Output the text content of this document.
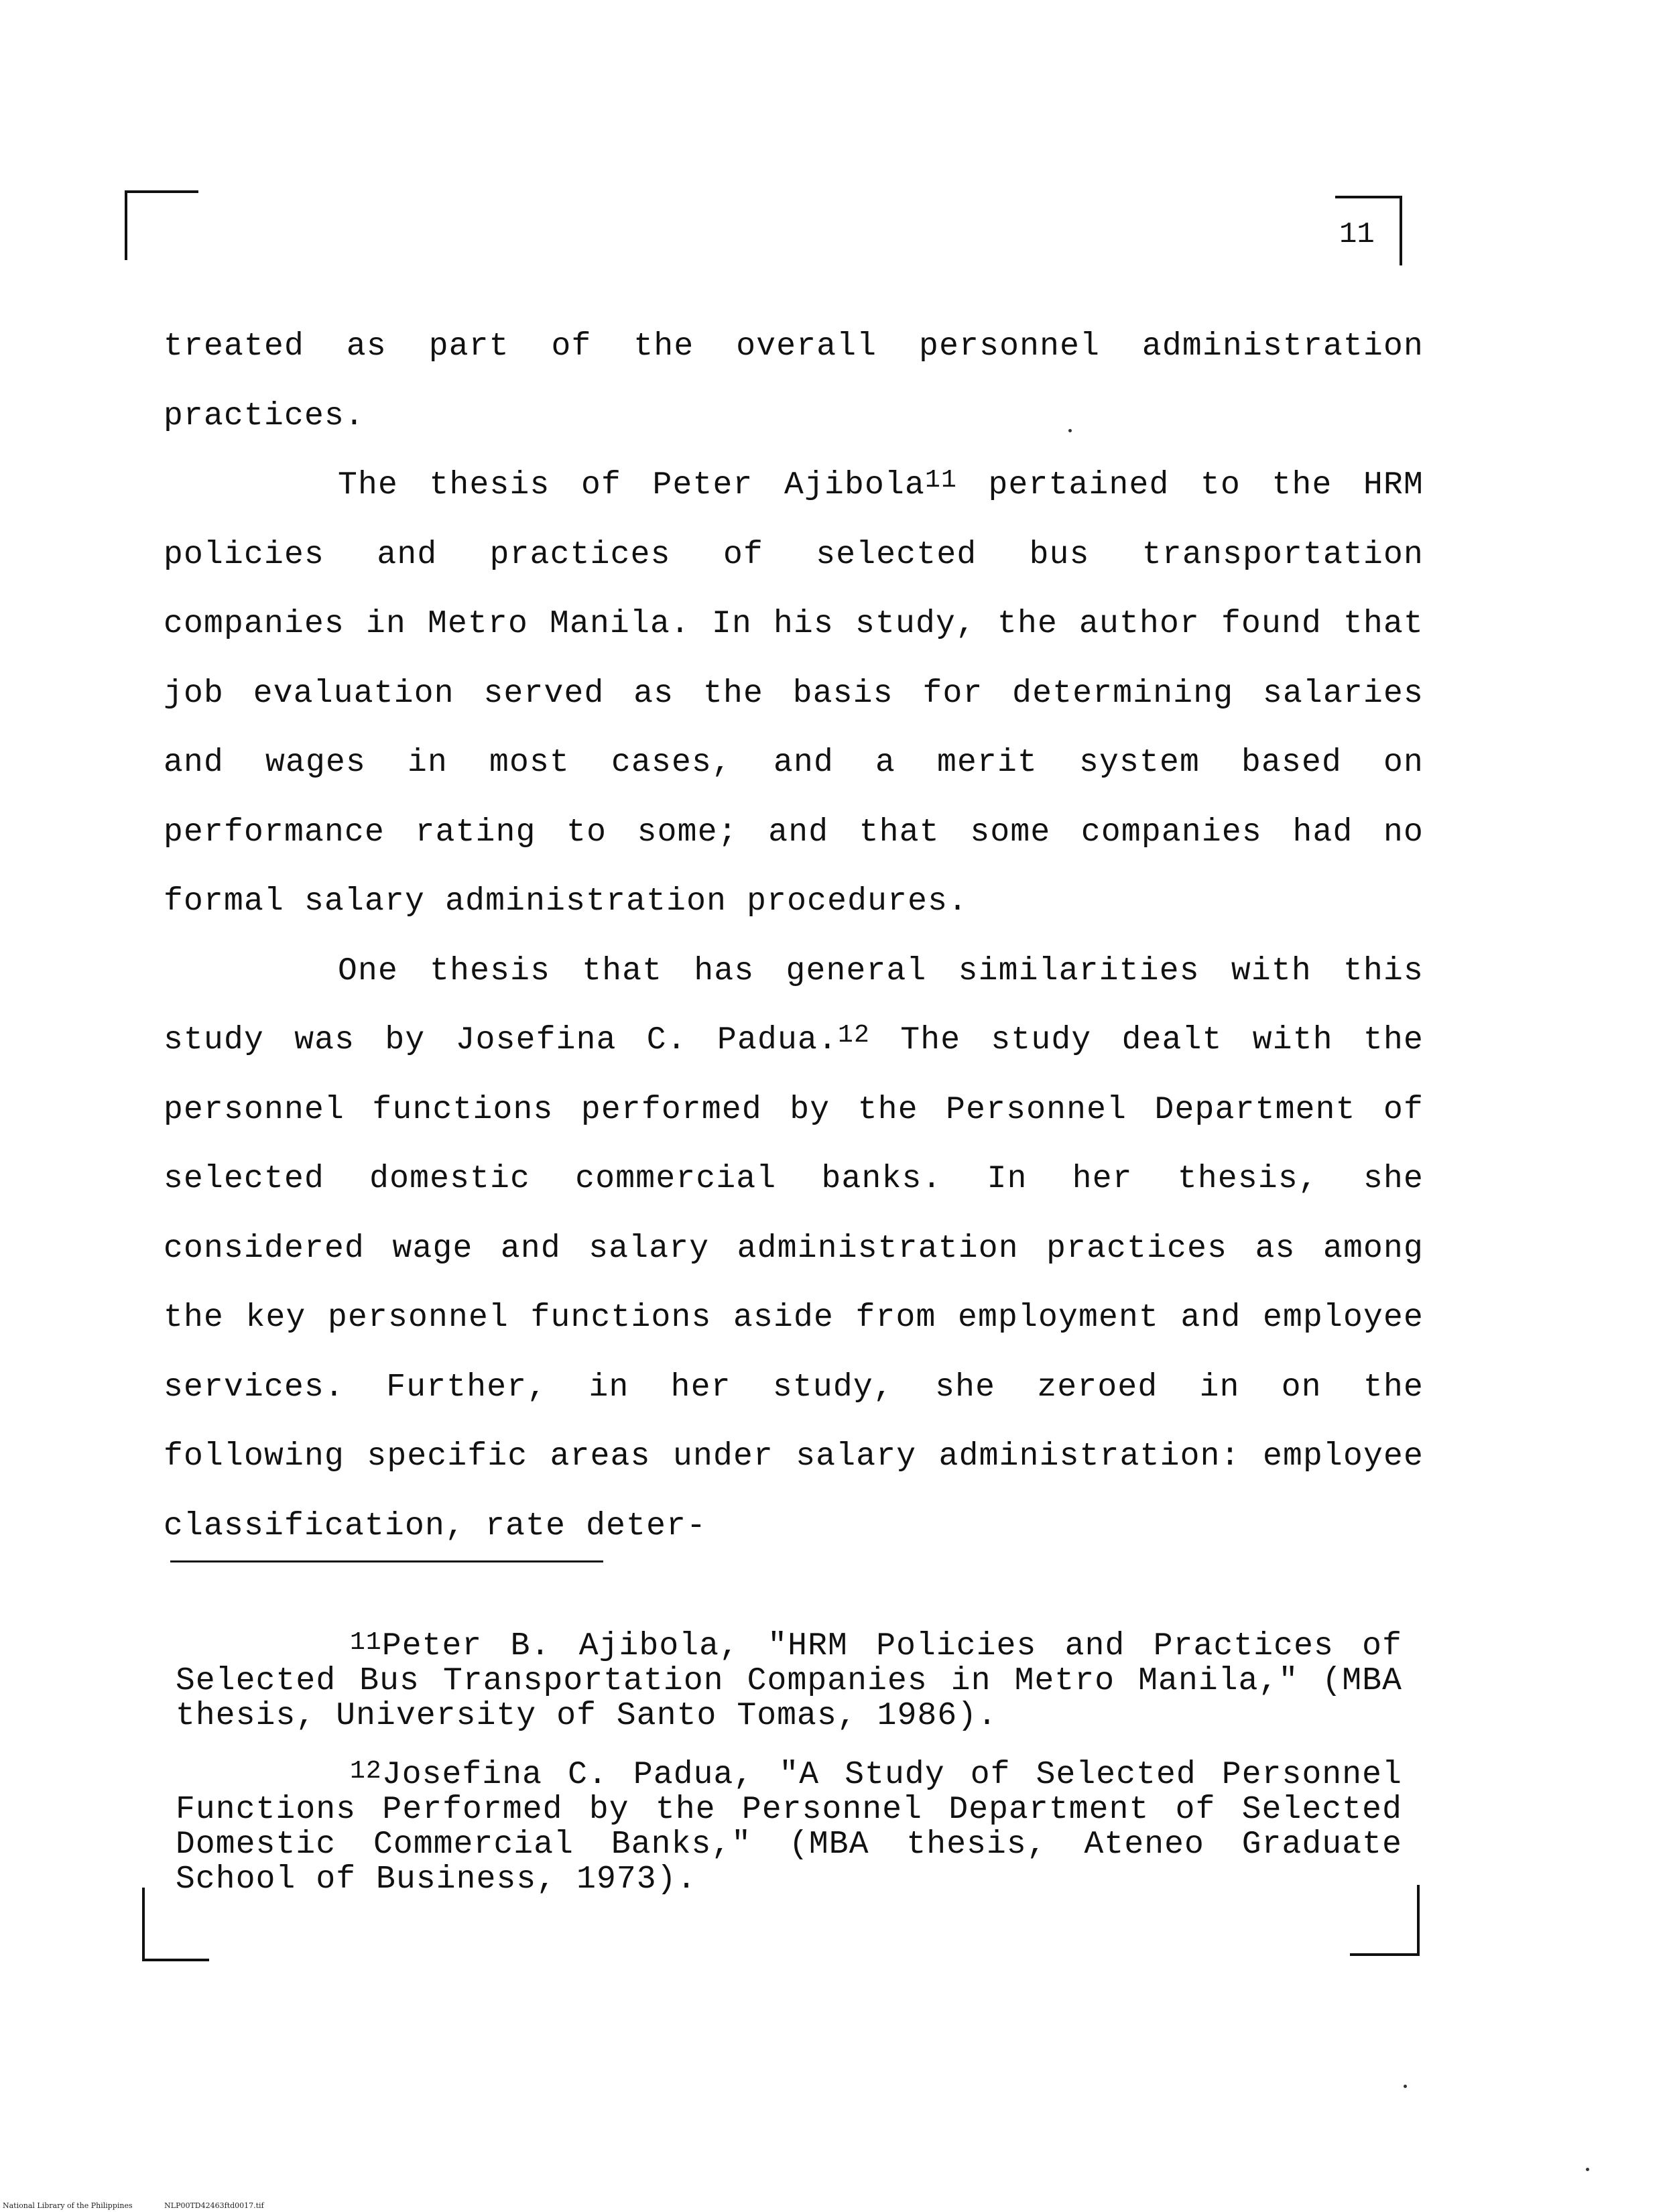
11

treated as part of the overall personnel administration practices.

The thesis of Peter Ajibola$^{11}$ pertained to the HRM policies and practices of selected bus transportation companies in Metro Manila. In his study, the author found that job evaluation served as the basis for determining salaries and wages in most cases, and a merit system based on performance rating to some; and that some companies had no formal salary administration procedures.

One thesis that has general similarities with this study was by Josefina C. Padua.$^{12}$ The study dealt with the personnel functions performed by the Personnel Department of selected domestic commercial banks. In her thesis, she considered wage and salary administration practices as among the key personnel functions aside from employment and employee services. Further, in her study, she zeroed in on the following specific areas under salary administration: employee classification, rate deter-

$^{11}$Peter B. Ajibola, "HRM Policies and Practices of Selected Bus Transportation Companies in Metro Manila," (MBA thesis, University of Santo Tomas, 1986).

$^{12}$Josefina C. Padua, "A Study of Selected Personnel Functions Performed by the Personnel Department of Selected Domestic Commercial Banks," (MBA thesis, Ateneo Graduate School of Business, 1973).

National Library of the Philippines	NLP00TD42463ftd0017.tif
